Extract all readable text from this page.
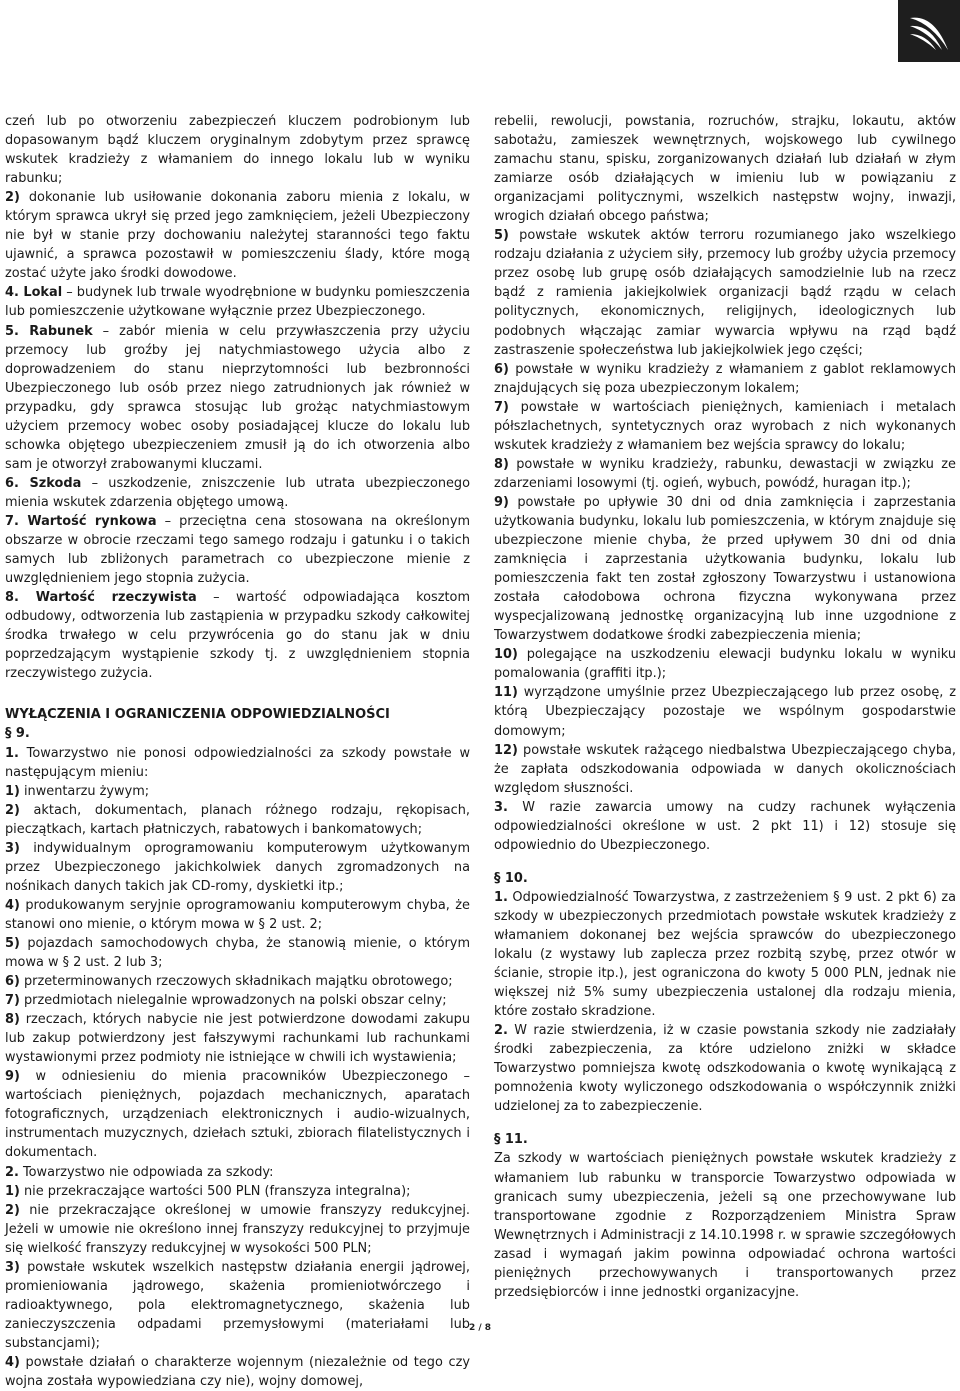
czeń lub po otworzeniu zabezpieczeń kluczem podrobionym lub dopasowanym bądź kluczem oryginalnym zdobytym przez sprawcę wskutek kradzieży z włamaniem do innego lokalu lub w wyniku rabunku;

2) dokonanie lub usiłowanie dokonania zaboru mienia z lokalu, w którym sprawca ukrył się przed jego zamknięciem, jeżeli Ubezpieczony nie był w stanie przy dochowaniu należytej staranności tego faktu ujawnić, a sprawca pozostawił w pomieszczeniu ślady, które mogą zostać użyte jako środki dowodowe.

4. Lokal – budynek lub trwale wyodrębnione w budynku pomieszczenia lub pomieszczenie użytkowane wyłącznie przez Ubezpieczonego.

5. Rabunek – zabór mienia w celu przywłaszczenia przy użyciu przemocy lub groźby jej natychmiastowego użycia albo z doprowadzeniem do stanu nieprzytomności lub bezbronności Ubezpieczonego lub osób przez niego zatrudnionych jak również w przypadku, gdy sprawca stosując lub grożąc natychmiastowym użyciem przemocy wobec osoby posiadającej klucze do lokalu lub schowka objętego ubezpieczeniem zmusił ją do ich otworzenia albo sam je otworzył zrabowanymi kluczami.

6. Szkoda – uszkodzenie, zniszczenie lub utrata ubezpieczonego mienia wskutek zdarzenia objętego umową.

7. Wartość rynkowa – przeciętna cena stosowana na określonym obszarze w obrocie rzeczami tego samego rodzaju i gatunku i o takich samych lub zbliżonych parametrach co ubezpieczone mienie z uwzględnieniem jego stopnia zużycia.

8. Wartość rzeczywista – wartość odpowiadająca kosztom odbudowy, odtworzenia lub zastąpienia w przypadku szkody całkowitej środka trwałego w celu przywrócenia go do stanu jak w dniu poprzedzającym wystąpienie szkody tj. z uwzględnieniem stopnia rzeczywistego zużycia.

WYŁĄCZENIA I OGRANICZENIA ODPOWIEDZIALNOŚCI
§ 9.

1. Towarzystwo nie ponosi odpowiedzialności za szkody powstałe w następującym mieniu:

1) inwentarzu żywym;

2) aktach, dokumentach, planach różnego rodzaju, rękopisach, pieczątkach, kartach płatniczych, rabatowych i bankomatowych;

3) indywidualnym oprogramowaniu komputerowym użytkowanym przez Ubezpieczonego jakichkolwiek danych zgromadzonych na nośnikach danych takich jak CD-romy, dyskietki itp.;

4) produkowanym seryjnie oprogramowaniu komputerowym chyba, że stanowi ono mienie, o którym mowa w § 2 ust. 2;

5) pojazdach samochodowych chyba, że stanowią mienie, o którym mowa w § 2 ust. 2 lub 3;

6) przeterminowanych rzeczowych składnikach majątku obrotowego;

7) przedmiotach nielegalnie wprowadzonych na polski obszar celny;

8) rzeczach, których nabycie nie jest potwierdzone dowodami zakupu lub zakup potwierdzony jest fałszywymi rachunkami lub rachunkami wystawionymi przez podmioty nie istniejące w chwili ich wystawienia;

9) w odniesieniu do mienia pracowników Ubezpieczonego – wartościach pieniężnych, pojazdach mechanicznych, aparatach fotograficznych, urządzeniach elektronicznych i audio-wizualnych, instrumentach muzycznych, dziełach sztuki, zbiorach filatelistycznych i dokumentach.

2. Towarzystwo nie odpowiada za szkody:

1) nie przekraczające wartości 500 PLN (franszyza integralna);

2) nie przekraczające określonej w umowie franszyzy redukcyjnej. Jeżeli w umowie nie określono innej franszyzy redukcyjnej to przyjmuje się wielkość franszyzy redukcyjnej w wysokości 500 PLN;

3) powstałe wskutek wszelkich następstw działania energii jądrowej, promieniowania jądrowego, skażenia promieniotwórczego i radioaktywnego, pola elektromagnetycznego, skażenia lub zanieczyszczenia odpadami przemysłowymi (materiałami lub substancjami);

4) powstałe działań o charakterze wojennym (niezależnie od tego czy wojna została wypowiedziana czy nie), wojny domowej,

rebelii, rewolucji, powstania, rozruchów, strajku, lokautu, aktów sabotażu, zamieszek wewnętrznych, wojskowego lub cywilnego zamachu stanu, spisku, zorganizowanych działań lub działań w złym zamiarze osób działających w imieniu lub w powiązaniu z organizacjami politycznymi, wszelkich następstw wojny, inwazji, wrogich działań obcego państwa;

5) powstałe wskutek aktów terroru rozumianego jako wszelkiego rodzaju działania z użyciem siły, przemocy lub groźby użycia przemocy przez osobę lub grupę osób działających samodzielnie lub na rzecz bądź z ramienia jakiejkolwiek organizacji bądź rządu w celach politycznych, ekonomicznych, religijnych, ideologicznych lub podobnych włączając zamiar wywarcia wpływu na rząd bądź zastraszenie społeczeństwa lub jakiejkolwiek jego części;

6) powstałe w wyniku kradzieży z włamaniem z gablot reklamowych znajdujących się poza ubezpieczonym lokalem;

7) powstałe w wartościach pieniężnych, kamieniach i metalach półszlachetnych, syntetycznych oraz wyrobach z nich wykonanych wskutek kradzieży z włamaniem bez wejścia sprawcy do lokalu;

8) powstałe w wyniku kradzieży, rabunku, dewastacji w związku ze zdarzeniami losowymi (tj. ogień, wybuch, powódź, huragan itp.);

9) powstałe po upływie 30 dni od dnia zamknięcia i zaprzestania użytkowania budynku, lokalu lub pomieszczenia, w którym znajduje się ubezpieczone mienie chyba, że przed upływem 30 dni od dnia zamknięcia i zaprzestania użytkowania budynku, lokalu lub pomieszczenia fakt ten został zgłoszony Towarzystwu i ustanowiona została całodobowa ochrona fizyczna wykonywana przez wyspecjalizowaną jednostkę organizacyjną lub inne uzgodnione z Towarzystwem dodatkowe środki zabezpieczenia mienia;

10) polegające na uszkodzeniu elewacji budynku lokalu w wyniku pomalowania (graffiti itp.);

11) wyrządzone umyślnie przez Ubezpieczającego lub przez osobę, z którą Ubezpieczający pozostaje we wspólnym gospodarstwie domowym;

12) powstałe wskutek rażącego niedbalstwa Ubezpieczającego chyba, że zapłata odszkodowania odpowiada w danych okolicznościach względom słuszności.

3. W razie zawarcia umowy na cudzy rachunek wyłączenia odpowiedzialności określone w ust. 2 pkt 11) i 12) stosuje się odpowiednio do Ubezpieczonego.

§ 10.

1. Odpowiedzialność Towarzystwa, z zastrzeżeniem § 9 ust. 2 pkt 6) za szkody w ubezpieczonych przedmiotach powstałe wskutek kradzieży z włamaniem dokonanej bez wejścia sprawców do ubezpieczonego lokalu (z wystawy lub zaplecza przez rozbitą szybę, przez otwór w ścianie, stropie itp.), jest ograniczona do kwoty 5 000 PLN, jednak nie większej niż 5% sumy ubezpieczenia ustalonej dla rodzaju mienia, które zostało skradzione.

2. W razie stwierdzenia, iż w czasie powstania szkody nie zadziałały środki zabezpieczenia, za które udzielono zniżki w składce Towarzystwo pomniejsza kwotę odszkodowania o kwotę wynikającą z pomnożenia kwoty wyliczonego odszkodowania o współczynnik zniżki udzielonej za to zabezpieczenie.

§ 11.

Za szkody w wartościach pieniężnych powstałe wskutek kradzieży z włamaniem lub rabunku w transporcie Towarzystwo odpowiada w granicach sumy ubezpieczenia, jeżeli są one przechowywane lub transportowane zgodnie z Rozporządzeniem Ministra Spraw Wewnętrznych i Administracji z 14.10.1998 r. w sprawie szczegółowych zasad i wymagań jakim powinna odpowiadać ochrona wartości pieniężnych przechowywanych i transportowanych przez przedsiębiorców i inne jednostki organizacyjne.

2 / 8
